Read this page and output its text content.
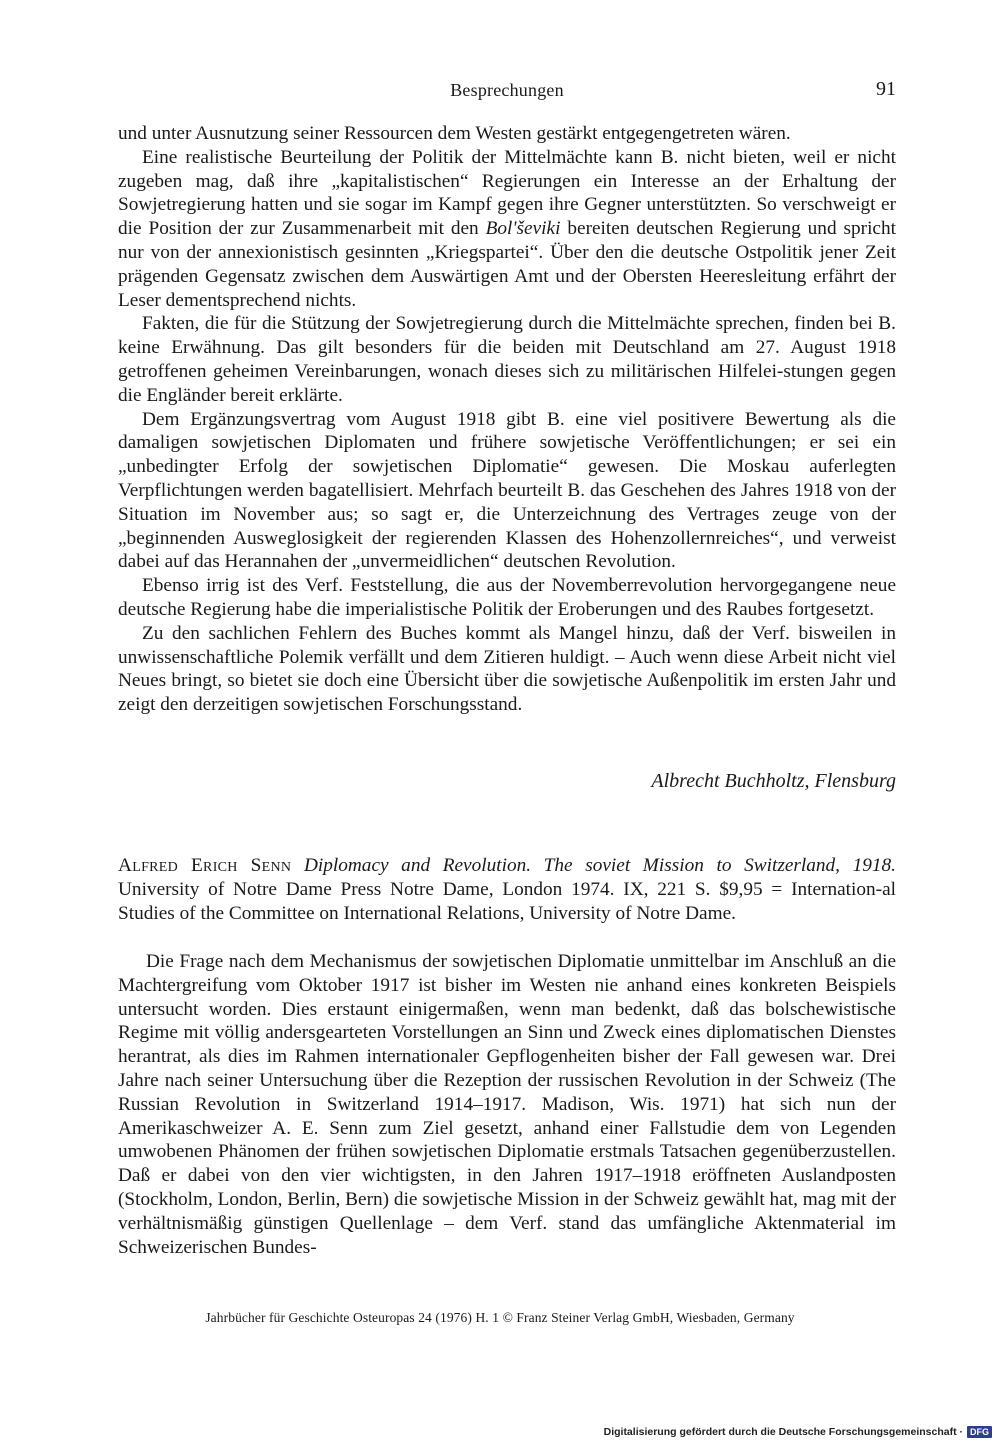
Besprechungen	91

und unter Ausnutzung seiner Ressourcen dem Westen gestärkt entgegengetreten wären.

Eine realistische Beurteilung der Politik der Mittelmächte kann B. nicht bieten, weil er nicht zugeben mag, daß ihre „kapitalistischen“ Regierungen ein Interesse an der Erhaltung der Sowjetregierung hatten und sie sogar im Kampf gegen ihre Gegner unterstützten. So verschweigt er die Position der zur Zusammenarbeit mit den Bol'ševiki bereiten deutschen Regierung und spricht nur von der annexionistisch gesinnten „Kriegspartei“. Über den die deutsche Ostpolitik jener Zeit prägenden Gegensatz zwischen dem Auswärtigen Amt und der Obersten Heeresleitung erfährt der Leser dementsprechend nichts.

Fakten, die für die Stützung der Sowjetregierung durch die Mittelmächte sprechen, finden bei B. keine Erwähnung. Das gilt besonders für die beiden mit Deutschland am 27. August 1918 getroffenen geheimen Vereinbarungen, wonach dieses sich zu militärischen Hilfelei-stungen gegen die Engländer bereit erklärte.

Dem Ergänzungsvertrag vom August 1918 gibt B. eine viel positivere Bewertung als die damaligen sowjetischen Diplomaten und frühere sowjetische Veröffentlichungen; er sei ein „unbedingter Erfolg der sowjetischen Diplomatie“ gewesen. Die Moskau auferlegten Verpflichtungen werden bagatellisiert. Mehrfach beurteilt B. das Geschehen des Jahres 1918 von der Situation im November aus; so sagt er, die Unterzeichnung des Vertrages zeuge von der „beginnenden Ausweglosigkeit der regierenden Klassen des Hohenzollernreiches“, und verweist dabei auf das Herannahen der „unvermeidlichen“ deutschen Revolution.

Ebenso irrig ist des Verf. Feststellung, die aus der Novemberrevolution hervorgegangene neue deutsche Regierung habe die imperialistische Politik der Eroberungen und des Raubes fortgesetzt.

Zu den sachlichen Fehlern des Buches kommt als Mangel hinzu, daß der Verf. bisweilen in unwissenschaftliche Polemik verfällt und dem Zitieren huldigt. – Auch wenn diese Arbeit nicht viel Neues bringt, so bietet sie doch eine Übersicht über die sowjetische Außenpolitik im ersten Jahr und zeigt den derzeitigen sowjetischen Forschungsstand.

Albrecht Buchholtz, Flensburg
Alfred Erich Senn Diplomacy and Revolution. The soviet Mission to Switzerland, 1918. University of Notre Dame Press Notre Dame, London 1974. IX, 221 S. $9,95 = Internation-al Studies of the Committee on International Relations, University of Notre Dame.

Die Frage nach dem Mechanismus der sowjetischen Diplomatie unmittelbar im Anschluß an die Machtergreifung vom Oktober 1917 ist bisher im Westen nie anhand eines konkreten Beispiels untersucht worden. Dies erstaunt einigermaßen, wenn man bedenkt, daß das bolschewistische Regime mit völlig andersgearteten Vorstellungen an Sinn und Zweck eines diplomatischen Dienstes herantrat, als dies im Rahmen internationaler Gepflogenheiten bisher der Fall gewesen war. Drei Jahre nach seiner Untersuchung über die Rezeption der russischen Revolution in der Schweiz (The Russian Revolution in Switzerland 1914–1917. Madison, Wis. 1971) hat sich nun der Amerikaschweizer A. E. Senn zum Ziel gesetzt, anhand einer Fallstudie dem von Legenden umwobenen Phänomen der frühen sowjetischen Diplomatie erstmals Tatsachen gegenüberzustellen. Daß er dabei von den vier wichtigsten, in den Jahren 1917–1918 eröffneten Auslandposten (Stockholm, London, Berlin, Bern) die sowjetische Mission in der Schweiz gewählt hat, mag mit der verhältnismäßig günstigen Quellenlage – dem Verf. stand das umfängliche Aktenmaterial im Schweizerischen Bundes-

Jahrbücher für Geschichte Osteuropas 24 (1976) H. 1 © Franz Steiner Verlag GmbH, Wiesbaden, Germany
Digitalisierung gefördert durch die Deutsche Forschungsgemeinschaft · DFG
